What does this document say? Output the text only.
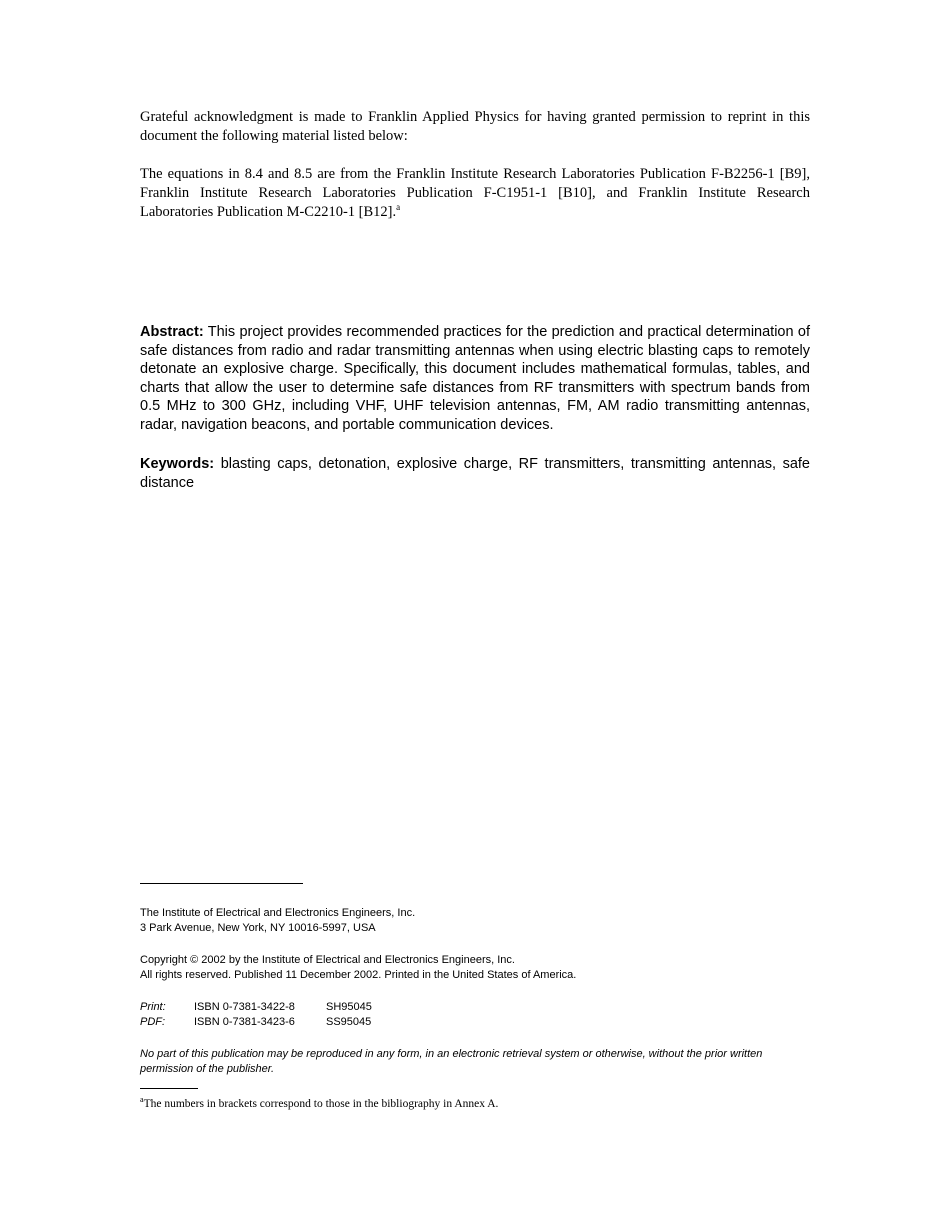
Grateful acknowledgment is made to Franklin Applied Physics for having granted permission to reprint in this document the following material listed below:

The equations in 8.4 and 8.5 are from the Franklin Institute Research Laboratories Publication F-B2256-1 [B9], Franklin Institute Research Laboratories Publication F-C1951-1 [B10], and Franklin Institute Research Laboratories Publication M-C2210-1 [B12].$^a$

Abstract: This project provides recommended practices for the prediction and practical determination of safe distances from radio and radar transmitting antennas when using electric blasting caps to remotely detonate an explosive charge. Specifically, this document includes mathematical formulas, tables, and charts that allow the user to determine safe distances from RF transmitters with spectrum bands from 0.5 MHz to 300 GHz, including VHF, UHF television antennas, FM, AM radio transmitting antennas, radar, navigation beacons, and portable communication devices.

Keywords: blasting caps, detonation, explosive charge, RF transmitters, transmitting antennas, safe distance

The Institute of Electrical and Electronics Engineers, Inc.
3 Park Avenue, New York, NY 10016-5997, USA
Copyright © 2002 by the Institute of Electrical and Electronics Engineers, Inc.
All rights reserved. Published 11 December 2002. Printed in the United States of America.
Print:	ISBN 0-7381-3422-8	SH95045
PDF:	ISBN 0-7381-3423-6	SS95045
No part of this publication may be reproduced in any form, in an electronic retrieval system or otherwise, without the prior written permission of the publisher.
$^a$The numbers in brackets correspond to those in the bibliography in Annex A.
